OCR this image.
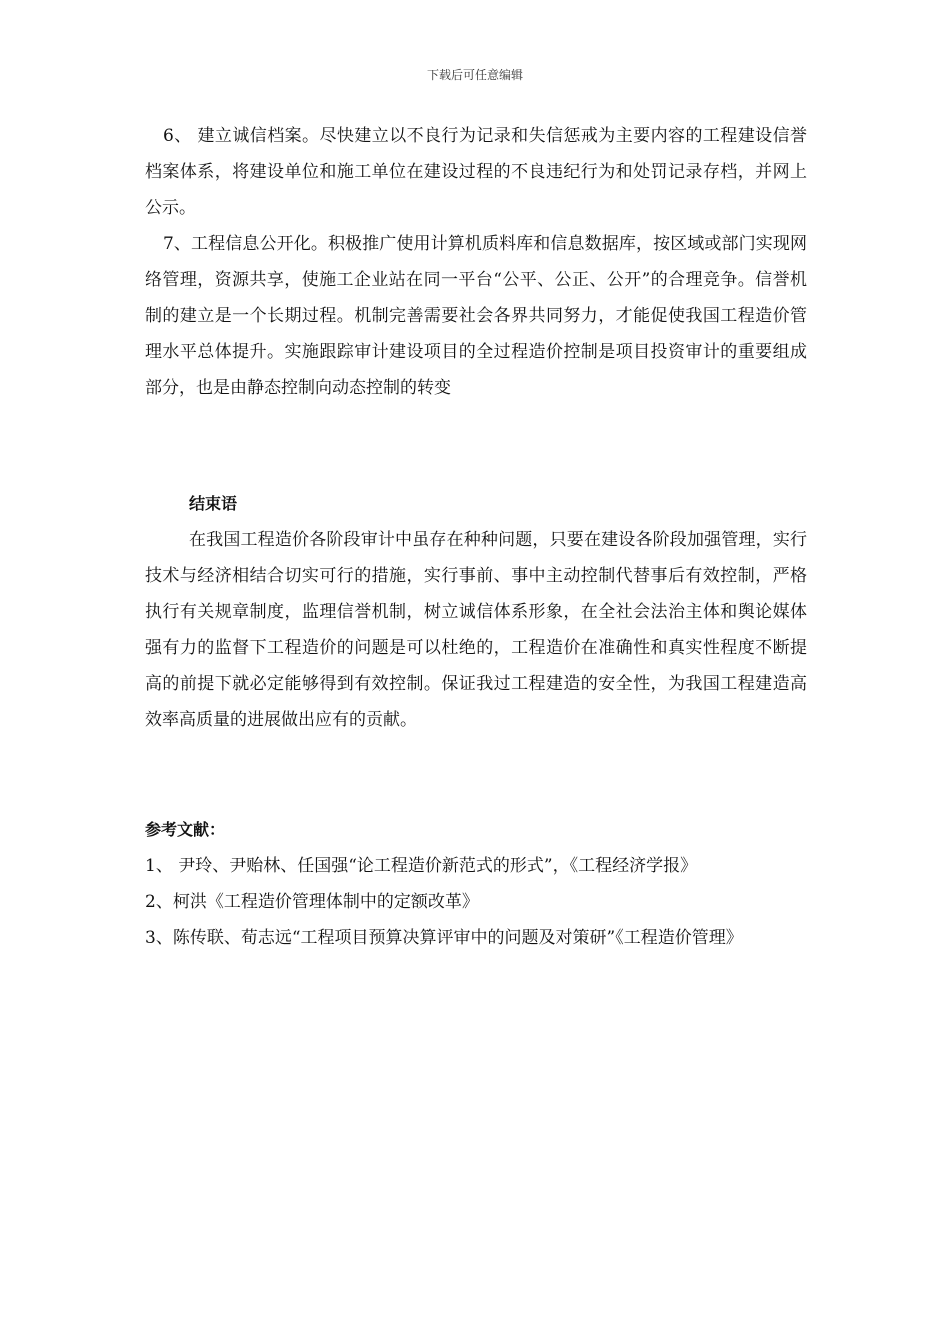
下载后可任意编辑

6、 建立诚信档案。尽快建立以不良行为记录和失信惩戒为主要内容的工程建设信誉档案体系，将建设单位和施工单位在建设过程的不良违纪行为和处罚记录存档，并网上公示。

7、工程信息公开化。积极推广使用计算机质料库和信息数据库，按区域或部门实现网络管理，资源共享，使施工企业站在同一平台“公平、公正、公开”的合理竞争。信誉机制的建立是一个长期过程。机制完善需要社会各界共同努力，才能促使我国工程造价管理水平总体提升。实施跟踪审计建设项目的全过程造价控制是项目投资审计的重要组成部分，也是由静态控制向动态控制的转变

结束语

在我国工程造价各阶段审计中虽存在种种问题，只要在建设各阶段加强管理，实行技术与经济相结合切实可行的措施，实行事前、事中主动控制代替事后有效控制，严格执行有关规章制度，监理信誉机制，树立诚信体系形象，在全社会法治主体和舆论媒体强有力的监督下工程造价的问题是可以杜绝的，工程造价在准确性和真实性程度不断提高的前提下就必定能够得到有效控制。保证我过工程建造的安全性，为我国工程建造高效率高质量的进展做出应有的贡献。

参考文献：

1、 尹玲、尹贻林、任国强“论工程造价新范式的形式”，《工程经济学报》

2、柯洪《工程造价管理体制中的定额改革》

3、陈传联、荀志远“工程项目预算决算评审中的问题及对策研”《工程造价管理》
